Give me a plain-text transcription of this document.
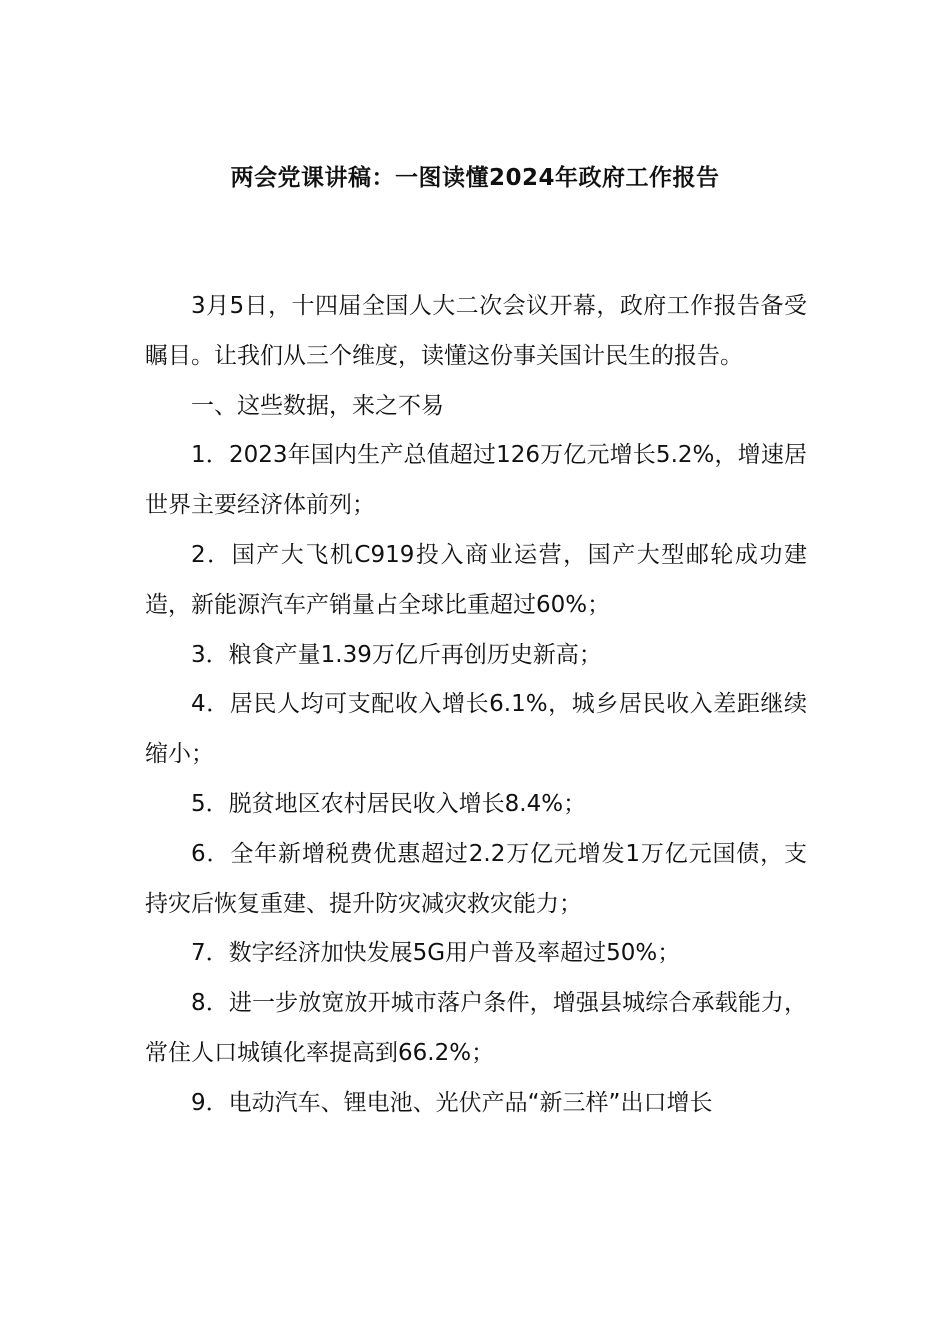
两会党课讲稿：一图读懂2024年政府工作报告

3月5日，十四届全国人大二次会议开幕，政府工作报告备受瞩目。让我们从三个维度，读懂这份事关国计民生的报告。

一、这些数据，来之不易

1．2023年国内生产总值超过126万亿元增长5.2%，增速居世界主要经济体前列；

2．国产大飞机C919投入商业运营，国产大型邮轮成功建造，新能源汽车产销量占全球比重超过60%；

3．粮食产量1.39万亿斤再创历史新高；

4．居民人均可支配收入增长6.1%，城乡居民收入差距继续缩小；

5．脱贫地区农村居民收入增长8.4%；

6．全年新增税费优惠超过2.2万亿元增发1万亿元国债，支持灾后恢复重建、提升防灾减灾救灾能力；

7．数字经济加快发展5G用户普及率超过50%；

8．进一步放宽放开城市落户条件，增强县城综合承载能力，常住人口城镇化率提高到66.2%；

9．电动汽车、锂电池、光伏产品“新三样”出口增长
